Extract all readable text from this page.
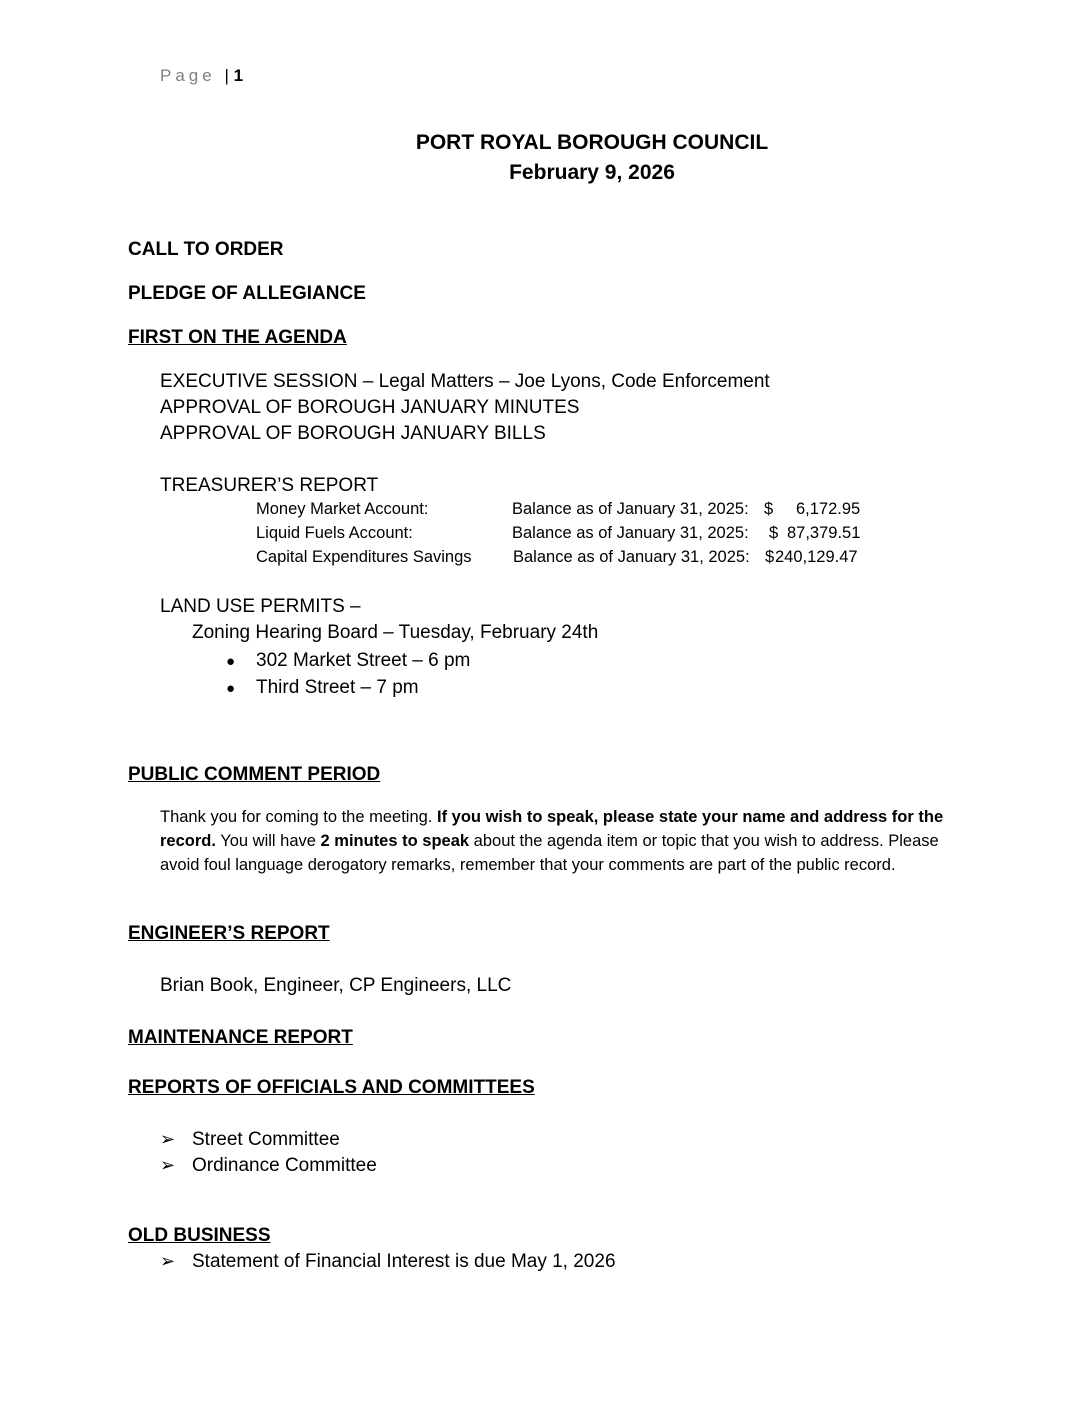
Page | 1
PORT ROYAL BOROUGH COUNCIL
February 9, 2026
CALL TO ORDER
PLEDGE OF ALLEGIANCE
FIRST ON THE AGENDA
EXECUTIVE SESSION – Legal Matters – Joe Lyons, Code Enforcement
APPROVAL OF BOROUGH JANUARY MINUTES
APPROVAL OF BOROUGH JANUARY BILLS
TREASURER’S REPORT
Money Market Account:	Balance as of January 31, 2025: $ 6,172.95
Liquid Fuels Account:	Balance as of January 31, 2025: $ 87,379.51
Capital Expenditures Savings	Balance as of January 31, 2025: $ 240,129.47
LAND USE PERMITS –
Zoning Hearing Board – Tuesday, February 24th
● 302 Market Street – 6 pm
● Third Street – 7 pm
PUBLIC COMMENT PERIOD
Thank you for coming to the meeting. If you wish to speak, please state your name and address for the record. You will have 2 minutes to speak about the agenda item or topic that you wish to address. Please avoid foul language derogatory remarks, remember that your comments are part of the public record.
ENGINEER’S REPORT
Brian Book, Engineer, CP Engineers, LLC
MAINTENANCE REPORT
REPORTS OF OFFICIALS AND COMMITTEES
➢ Street Committee
➢ Ordinance Committee
OLD BUSINESS
➢ Statement of Financial Interest is due May 1, 2026
